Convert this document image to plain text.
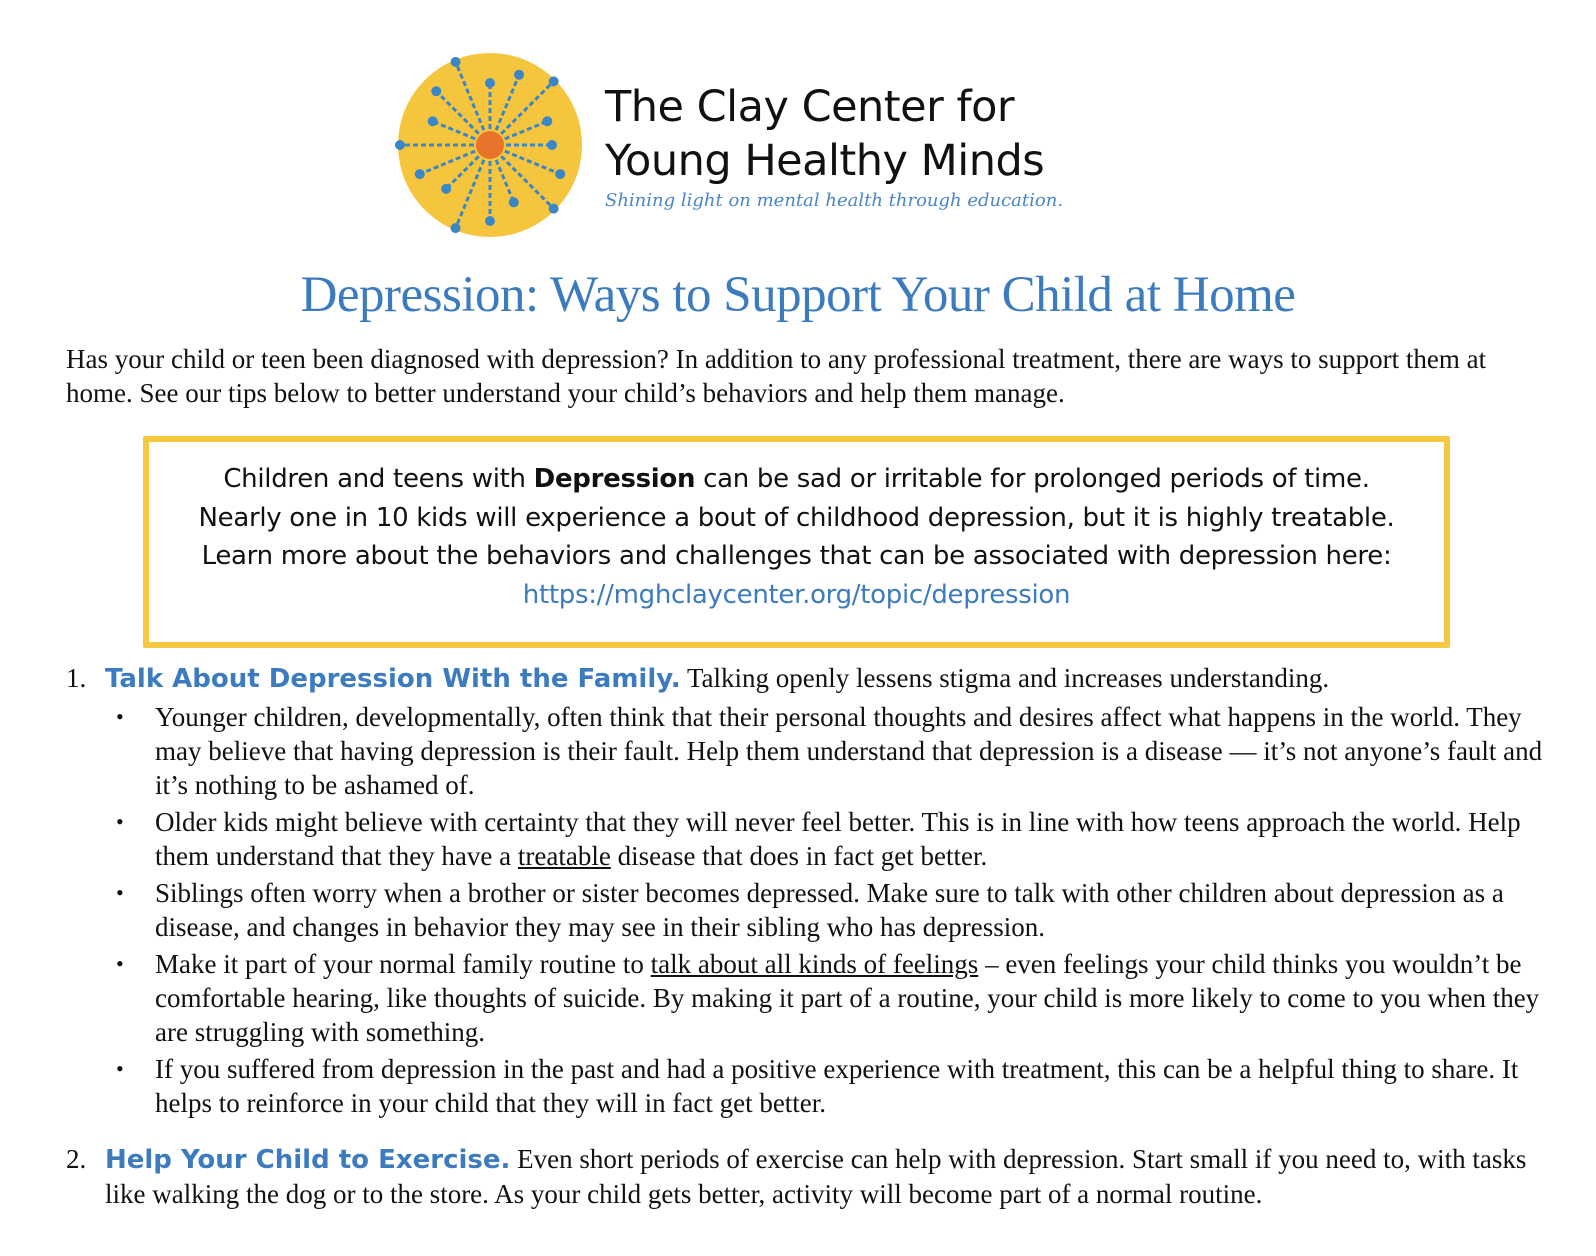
The Clay Center for
Young Healthy Minds
Shining light on mental health through education.
Depression: Ways to Support Your Child at Home

Has your child or teen been diagnosed with depression? In addition to any professional treatment, there are ways to support them at home. See our tips below to better understand your child’s behaviors and help them manage.

Children and teens with Depression can be sad or irritable for prolonged periods of time.
Nearly one in 10 kids will experience a bout of childhood depression, but it is highly treatable.
Learn more about the behaviors and challenges that can be associated with depression here:
https://mghclaycenter.org/topic/depression
1. Talk About Depression With the Family. Talking openly lessens stigma and increases understanding.
• Younger children, developmentally, often think that their personal thoughts and desires affect what happens in the world. They may believe that having depression is their fault. Help them understand that depression is a disease — it’s not anyone’s fault and it’s nothing to be ashamed of.
• Older kids might believe with certainty that they will never feel better. This is in line with how teens approach the world. Help them understand that they have a treatable disease that does in fact get better.
• Siblings often worry when a brother or sister becomes depressed. Make sure to talk with other children about depression as a disease, and changes in behavior they may see in their sibling who has depression.
• Make it part of your normal family routine to talk about all kinds of feelings – even feelings your child thinks you wouldn’t be comfortable hearing, like thoughts of suicide. By making it part of a routine, your child is more likely to come to you when they are struggling with something.
• If you suffered from depression in the past and had a positive experience with treatment, this can be a helpful thing to share. It helps to reinforce in your child that they will in fact get better.
2. Help Your Child to Exercise. Even short periods of exercise can help with depression. Start small if you need to, with tasks like walking the dog or to the store. As your child gets better, activity will become part of a normal routine.
